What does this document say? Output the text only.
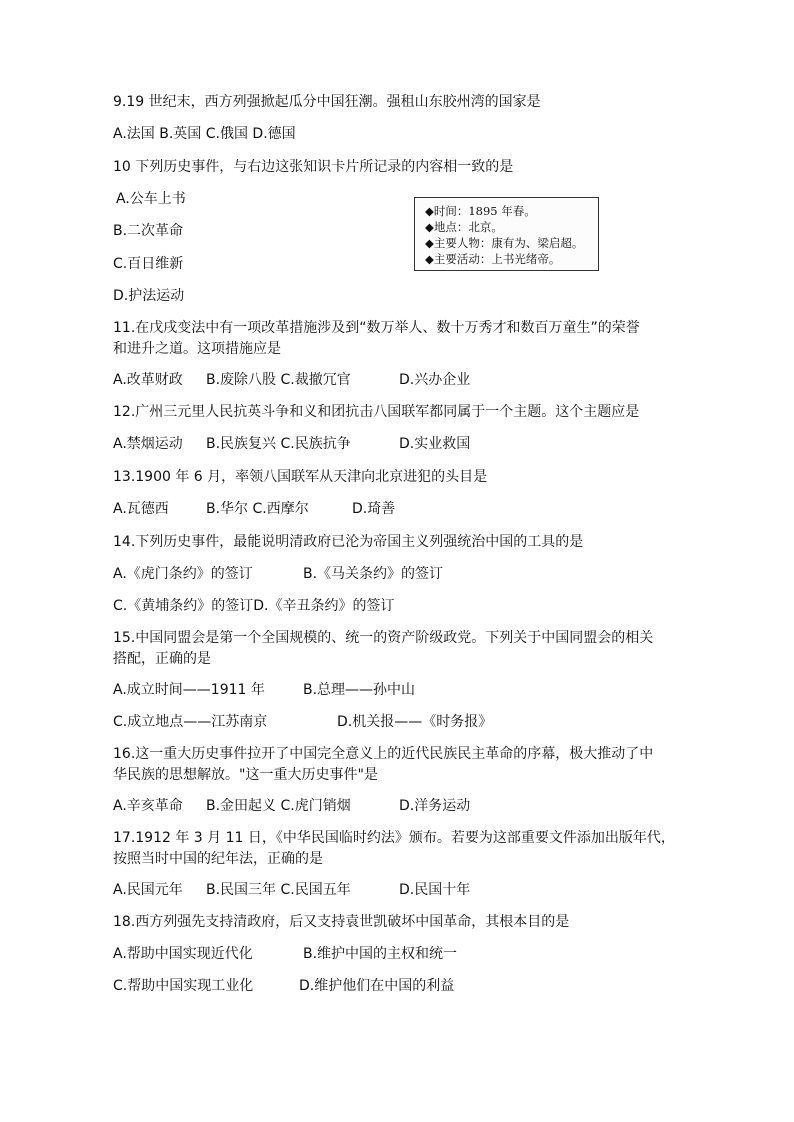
9.19 世纪末，西方列强掀起瓜分中国狂潮。强租山东胶州湾的国家是
A.法国 B.英国 C.俄国 D.德国
10 下列历史事件，与右边这张知识卡片所记录的内容相一致的是
A.公车上书
B.二次革命
C.百日维新
D.护法运动
◆时间：1895 年春。
◆地点：北京。
◆主要人物：康有为、梁启超。
◆主要活动：上书光绪帝。
11.在戊戌变法中有一项改革措施涉及到“数万举人、数十万秀才和数百万童生”的荣誉
和进升之道。这项措施应是
A.改革财政 B.废除八股 C.裁撤冗官	D.兴办企业
12.广州三元里人民抗英斗争和义和团抗击八国联军都同属于一个主题。这个主题应是
A.禁烟运动 B.民族复兴 C.民族抗争	D.实业救国
13.1900 年 6 月，率领八国联军从天津向北京进犯的头目是
A.瓦德西	B.华尔 C.西摩尔	D.琦善
14.下列历史事件，最能说明清政府已沦为帝国主义列强统治中国的工具的是
A.《虎门条约》的签订	B.《马关条约》的签订
C.《黄埔条约》的签订D.《辛丑条约》的签订
15.中国同盟会是第一个全国规模的、统一的资产阶级政党。下列关于中国同盟会的相关
搭配，正确的是
A.成立时间——1911 年	B.总理——孙中山
C.成立地点——江苏南京	D.机关报——《时务报》
16.这一重大历史事件拉开了中国完全意义上的近代民族民主革命的序幕，极大推动了中
华民族的思想解放。"这一重大历史事件"是
A.辛亥革命 B.金田起义 C.虎门销烟	D.洋务运动
17.1912 年 3 月 11 日，《中华民国临时约法》颁布。若要为这部重要文件添加出版年代，
按照当时中国的纪年法，正确的是
A.民国元年 B.民国三年 C.民国五年	D.民国十年
18.西方列强先支持清政府，后又支持袁世凯破坏中国革命，其根本目的是
A.帮助中国实现近代化	B.维护中国的主权和统一
C.帮助中国实现工业化	D.维护他们在中国的利益
